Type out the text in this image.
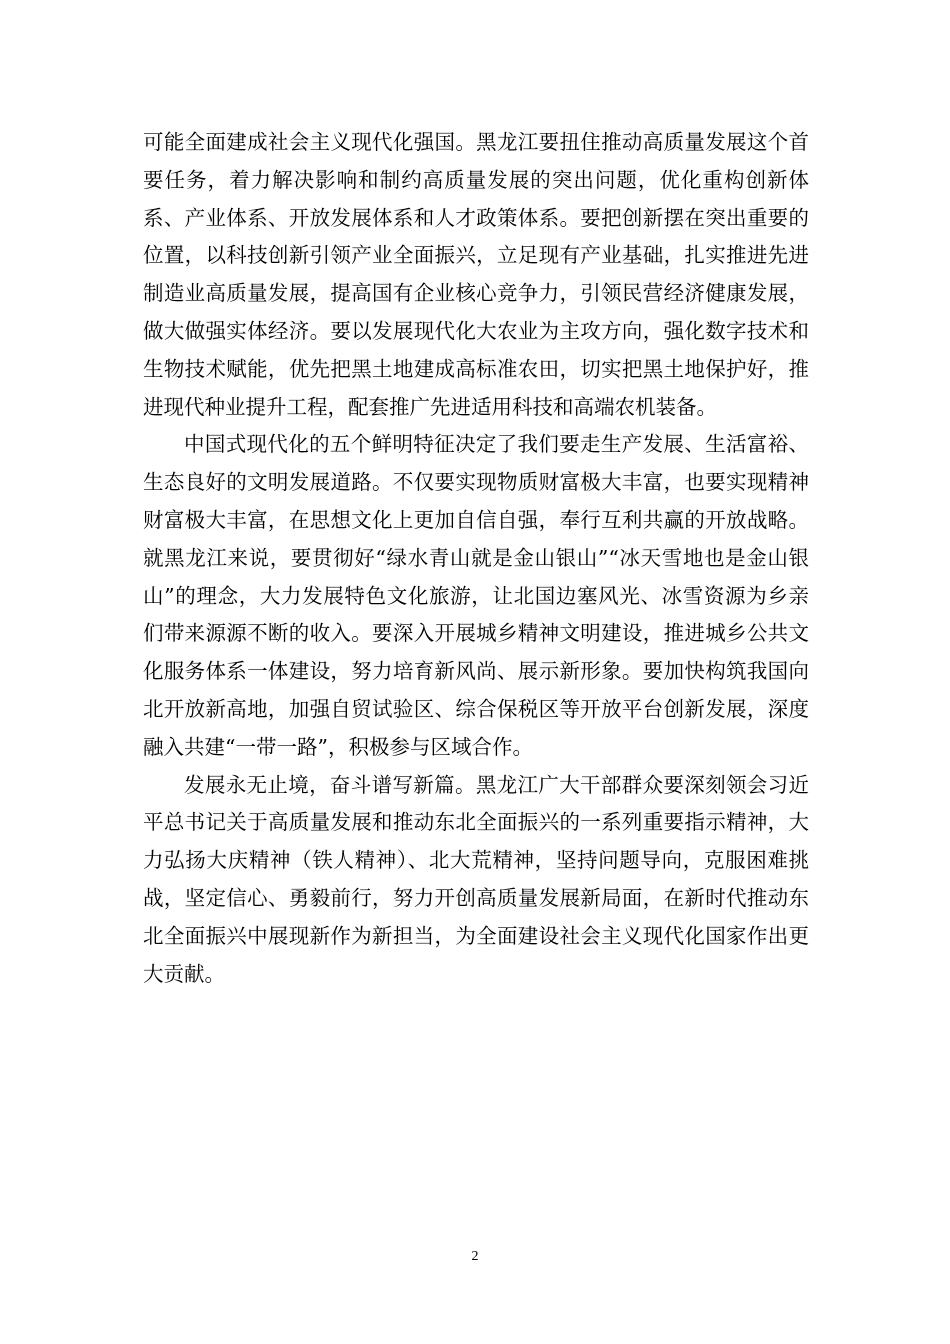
可能全面建成社会主义现代化强国。黑龙江要扭住推动高质量发展这个首要任务，着力解决影响和制约高质量发展的突出问题，优化重构创新体系、产业体系、开放发展体系和人才政策体系。要把创新摆在突出重要的位置，以科技创新引领产业全面振兴，立足现有产业基础，扎实推进先进制造业高质量发展，提高国有企业核心竞争力，引领民营经济健康发展，做大做强实体经济。要以发展现代化大农业为主攻方向，强化数字技术和生物技术赋能，优先把黑土地建成高标准农田，切实把黑土地保护好，推进现代种业提升工程，配套推广先进适用科技和高端农机装备。

中国式现代化的五个鲜明特征决定了我们要走生产发展、生活富裕、生态良好的文明发展道路。不仅要实现物质财富极大丰富，也要实现精神财富极大丰富，在思想文化上更加自信自强，奉行互利共赢的开放战略。就黑龙江来说，要贯彻好“绿水青山就是金山银山”“冰天雪地也是金山银山”的理念，大力发展特色文化旅游，让北国边塞风光、冰雪资源为乡亲们带来源源不断的收入。要深入开展城乡精神文明建设，推进城乡公共文化服务体系一体建设，努力培育新风尚、展示新形象。要加快构筑我国向北开放新高地，加强自贸试验区、综合保税区等开放平台创新发展，深度融入共建“一带一路”，积极参与区域合作。

发展永无止境，奋斗谱写新篇。黑龙江广大干部群众要深刻领会习近平总书记关于高质量发展和推动东北全面振兴的一系列重要指示精神，大力弘扬大庆精神（铁人精神）、北大荒精神，坚持问题导向，克服困难挑战，坚定信心、勇毅前行，努力开创高质量发展新局面，在新时代推动东北全面振兴中展现新作为新担当，为全面建设社会主义现代化国家作出更大贡献。

2
